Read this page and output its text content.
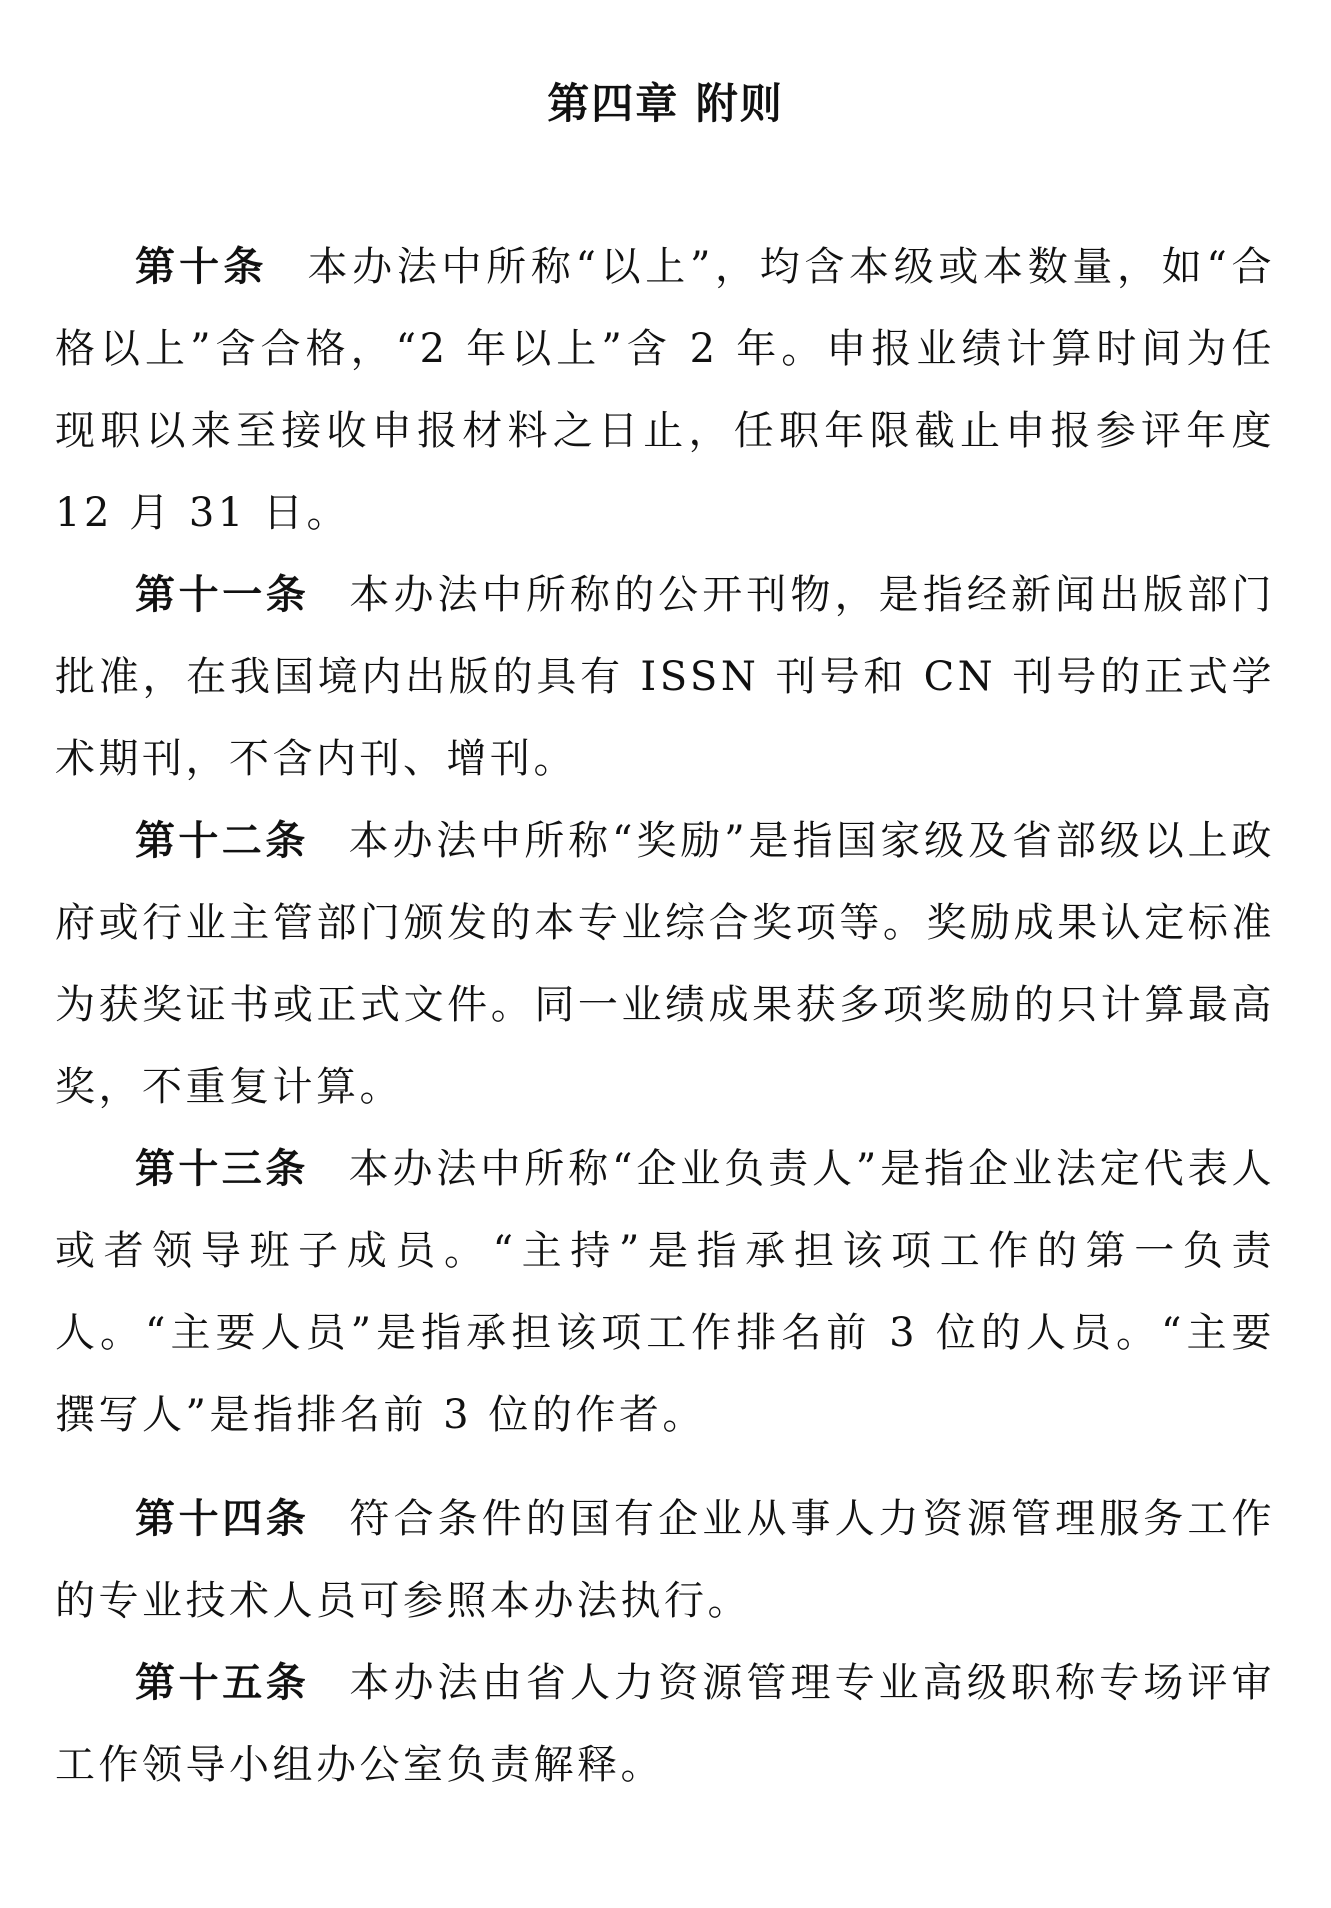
第四章 附则

第十条 本办法中所称“以上”，均含本级或本数量，如“合格以上”含合格，“2 年以上”含 2 年。申报业绩计算时间为任现职以来至接收申报材料之日止，任职年限截止申报参评年度 12 月 31 日。

第十一条 本办法中所称的公开刊物，是指经新闻出版部门批准，在我国境内出版的具有 ISSN 刊号和 CN 刊号的正式学术期刊，不含内刊、增刊。

第十二条 本办法中所称“奖励”是指国家级及省部级以上政府或行业主管部门颁发的本专业综合奖项等。奖励成果认定标准为获奖证书或正式文件。同一业绩成果获多项奖励的只计算最高奖，不重复计算。

第十三条 本办法中所称“企业负责人”是指企业法定代表人或者领导班子成员。“主持”是指承担该项工作的第一负责人。“主要人员”是指承担该项工作排名前 3 位的人员。“主要撰写人”是指排名前 3 位的作者。

第十四条 符合条件的国有企业从事人力资源管理服务工作的专业技术人员可参照本办法执行。

第十五条 本办法由省人力资源管理专业高级职称专场评审工作领导小组办公室负责解释。
